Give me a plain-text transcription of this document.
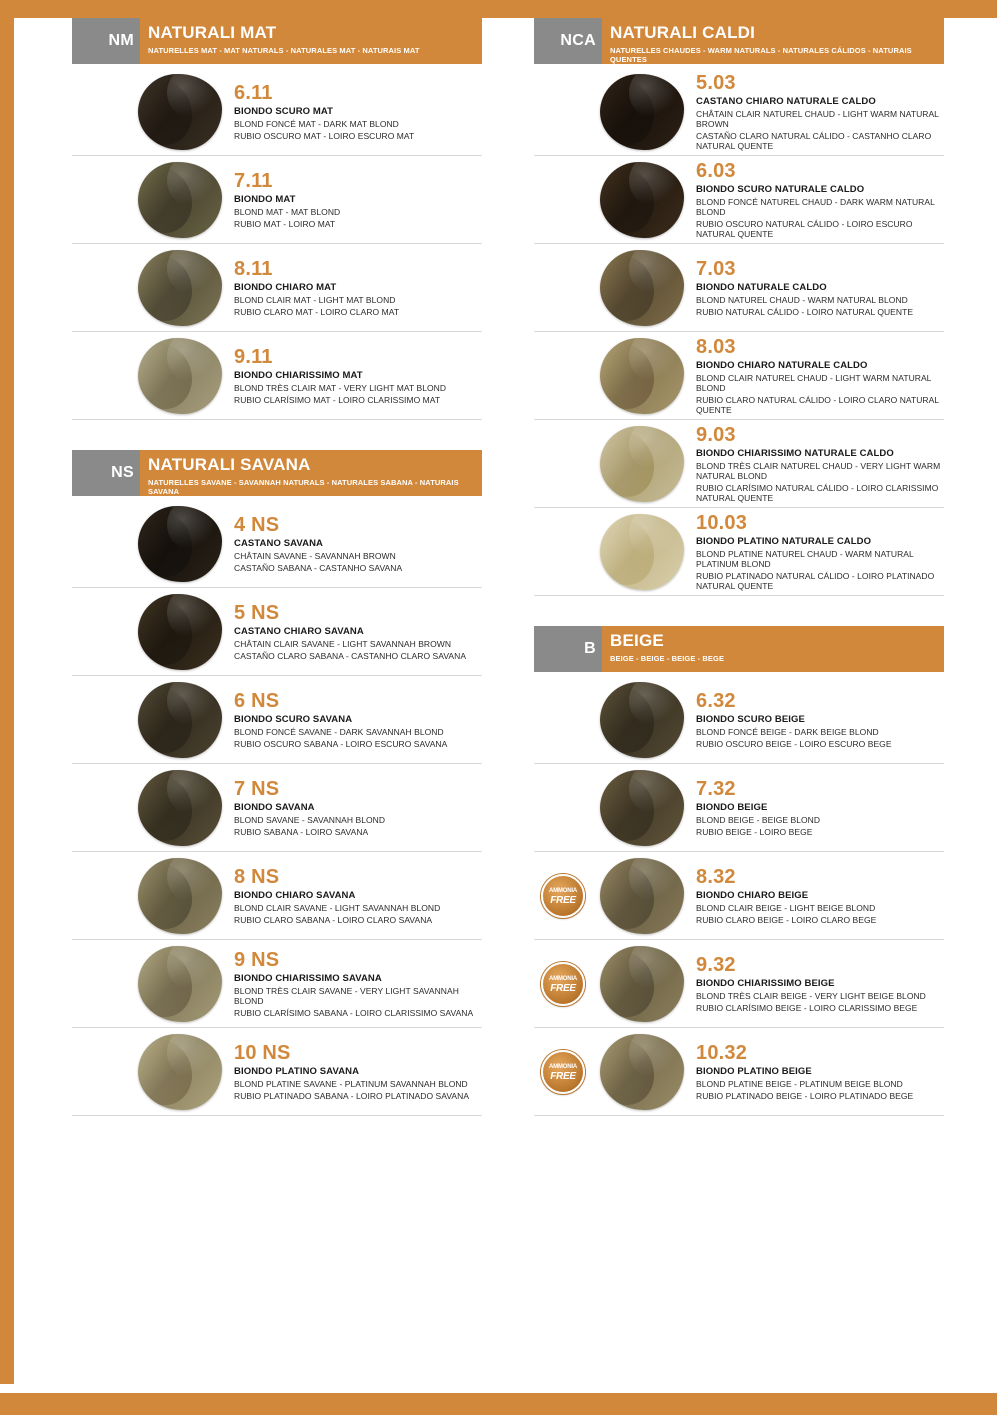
NM NATURALI MAT
NATURELLES MAT - MAT NATURALS - NATURALES MAT - NATURAIS MAT
6.11
BIONDO SCURO MAT
BLOND FONCÉ MAT - DARK MAT BLOND
RUBIO OSCURO MAT - LOIRO ESCURO MAT
7.11
BIONDO MAT
BLOND MAT - MAT BLOND
RUBIO MAT - LOIRO MAT
8.11
BIONDO CHIARO MAT
BLOND CLAIR MAT - LIGHT MAT BLOND
RUBIO CLARO MAT - LOIRO CLARO MAT
9.11
BIONDO CHIARISSIMO MAT
BLOND TRÈS CLAIR MAT - VERY LIGHT MAT BLOND
RUBIO CLARÍSIMO MAT - LOIRO CLARISSIMO MAT
NS NATURALI SAVANA
NATURELLES SAVANE - SAVANNAH NATURALS - NATURALES SABANA - NATURAIS SAVANA
4 NS
CASTANO SAVANA
CHÂTAIN SAVANE - SAVANNAH BROWN
CASTAÑO SABANA - CASTANHO SAVANA
5 NS
CASTANO CHIARO SAVANA
CHÂTAIN CLAIR SAVANE - LIGHT SAVANNAH BROWN
CASTAÑO CLARO SABANA - CASTANHO CLARO SAVANA
6 NS
BIONDO SCURO SAVANA
BLOND FONCÉ SAVANE - DARK SAVANNAH BLOND
RUBIO OSCURO SABANA - LOIRO ESCURO SAVANA
7 NS
BIONDO SAVANA
BLOND SAVANE - SAVANNAH BLOND
RUBIO SABANA - LOIRO SAVANA
8 NS
BIONDO CHIARO SAVANA
BLOND CLAIR SAVANE - LIGHT SAVANNAH BLOND
RUBIO CLARO SABANA - LOIRO CLARO SAVANA
9 NS
BIONDO CHIARISSIMO SAVANA
BLOND TRÈS CLAIR SAVANE - VERY LIGHT SAVANNAH BLOND
RUBIO CLARÍSIMO SABANA - LOIRO CLARISSIMO SAVANA
10 NS
BIONDO PLATINO SAVANA
BLOND PLATINE SAVANE - PLATINUM SAVANNAH BLOND
RUBIO PLATINADO SABANA - LOIRO PLATINADO SAVANA
NCA NATURALI CALDI
NATURELLES CHAUDES - WARM NATURALS - NATURALES CÁLIDOS - NATURAIS QUENTES
5.03
CASTANO CHIARO NATURALE CALDO
CHÂTAIN CLAIR NATUREL CHAUD - LIGHT WARM NATURAL BROWN
CASTAÑO CLARO NATURAL CÁLIDO - CASTANHO CLARO NATURAL QUENTE
6.03
BIONDO SCURO NATURALE CALDO
BLOND FONCÉ NATUREL CHAUD - DARK WARM NATURAL BLOND
RUBIO OSCURO NATURAL CÁLIDO - LOIRO ESCURO NATURAL QUENTE
7.03
BIONDO NATURALE CALDO
BLOND NATUREL CHAUD - WARM NATURAL BLOND
RUBIO NATURAL CÁLIDO - LOIRO NATURAL QUENTE
8.03
BIONDO CHIARO NATURALE CALDO
BLOND CLAIR NATUREL CHAUD - LIGHT WARM NATURAL BLOND
RUBIO CLARO NATURAL CÁLIDO - LOIRO CLARO NATURAL QUENTE
9.03
BIONDO CHIARISSIMO NATURALE CALDO
BLOND TRÈS CLAIR NATUREL CHAUD - VERY LIGHT WARM NATURAL BLOND
RUBIO CLARÍSIMO NATURAL CÁLIDO - LOIRO CLARISSIMO NATURAL QUENTE
10.03
BIONDO PLATINO NATURALE CALDO
BLOND PLATINE NATUREL CHAUD - WARM NATURAL PLATINUM BLOND
RUBIO PLATINADO NATURAL CÁLIDO - LOIRO PLATINADO NATURAL QUENTE
B BEIGE
BEIGE - BEIGE - BEIGE - BEGE
6.32
BIONDO SCURO BEIGE
BLOND FONCÉ BEIGE - DARK BEIGE BLOND
RUBIO OSCURO BEIGE - LOIRO ESCURO BEGE
7.32
BIONDO BEIGE
BLOND BEIGE - BEIGE BLOND
RUBIO BEIGE - LOIRO BEGE
AMMONIA
FREE
8.32
BIONDO CHIARO BEIGE
BLOND CLAIR BEIGE - LIGHT BEIGE BLOND
RUBIO CLARO BEIGE - LOIRO CLARO BEGE
AMMONIA
FREE
9.32
BIONDO CHIARISSIMO BEIGE
BLOND TRÈS CLAIR BEIGE - VERY LIGHT BEIGE BLOND
RUBIO CLARÍSIMO BEIGE - LOIRO CLARISSIMO BEGE
AMMONIA
FREE
10.32
BIONDO PLATINO BEIGE
BLOND PLATINE BEIGE - PLATINUM BEIGE BLOND
RUBIO PLATINADO BEIGE - LOIRO PLATINADO BEGE
